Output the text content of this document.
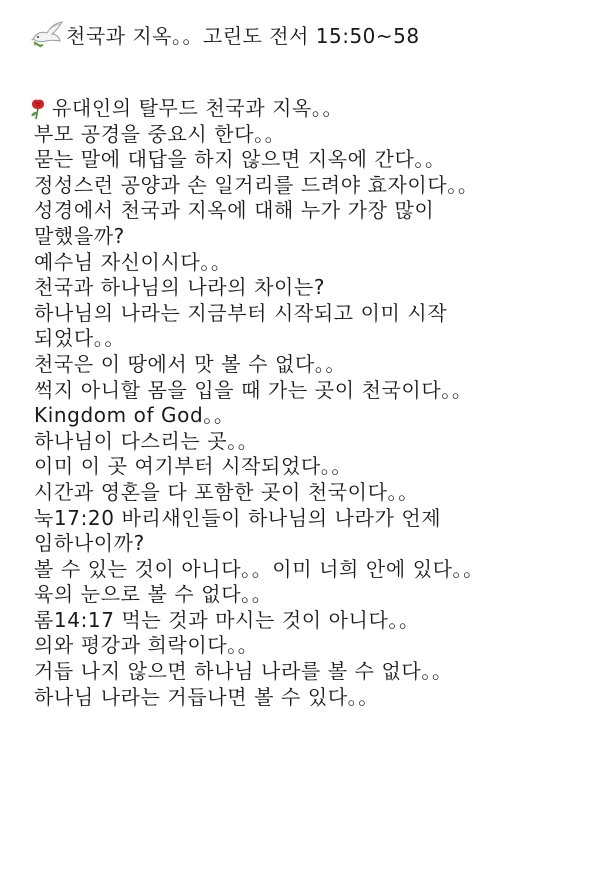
천국과 지옥。。고린도 전서 15:50~58
유대인의 탈무드 천국과 지옥。。
부모 공경을 중요시 한다。。
묻는 말에 대답을 하지 않으면 지옥에 간다。。
정성스런 공양과 손 일거리를 드려야 효자이다。。
성경에서 천국과 지옥에 대해 누가 가장 많이
말했을까?
예수님 자신이시다。。
천국과 하나님의 나라의 차이는?
하나님의 나라는 지금부터 시작되고 이미 시작
되었다。。
천국은 이 땅에서 맛 볼 수 없다。。
썩지 아니할 몸을 입을 때 가는 곳이 천국이다。。
Kingdom of God。。
하나님이 다스리는 곳。。
이미 이 곳 여기부터 시작되었다。。
시간과 영혼을 다 포함한 곳이 천국이다。。
눅17:20 바리새인들이 하나님의 나라가 언제
임하나이까?
볼 수 있는 것이 아니다。。이미 너희 안에 있다。。
육의 눈으로 볼 수 없다。。
롬14:17 먹는 것과 마시는 것이 아니다。。
의와 평강과 희락이다。。
거듭 나지 않으면 하나님 나라를 볼 수 없다。。
하나님 나라는 거듭나면 볼 수 있다。。
